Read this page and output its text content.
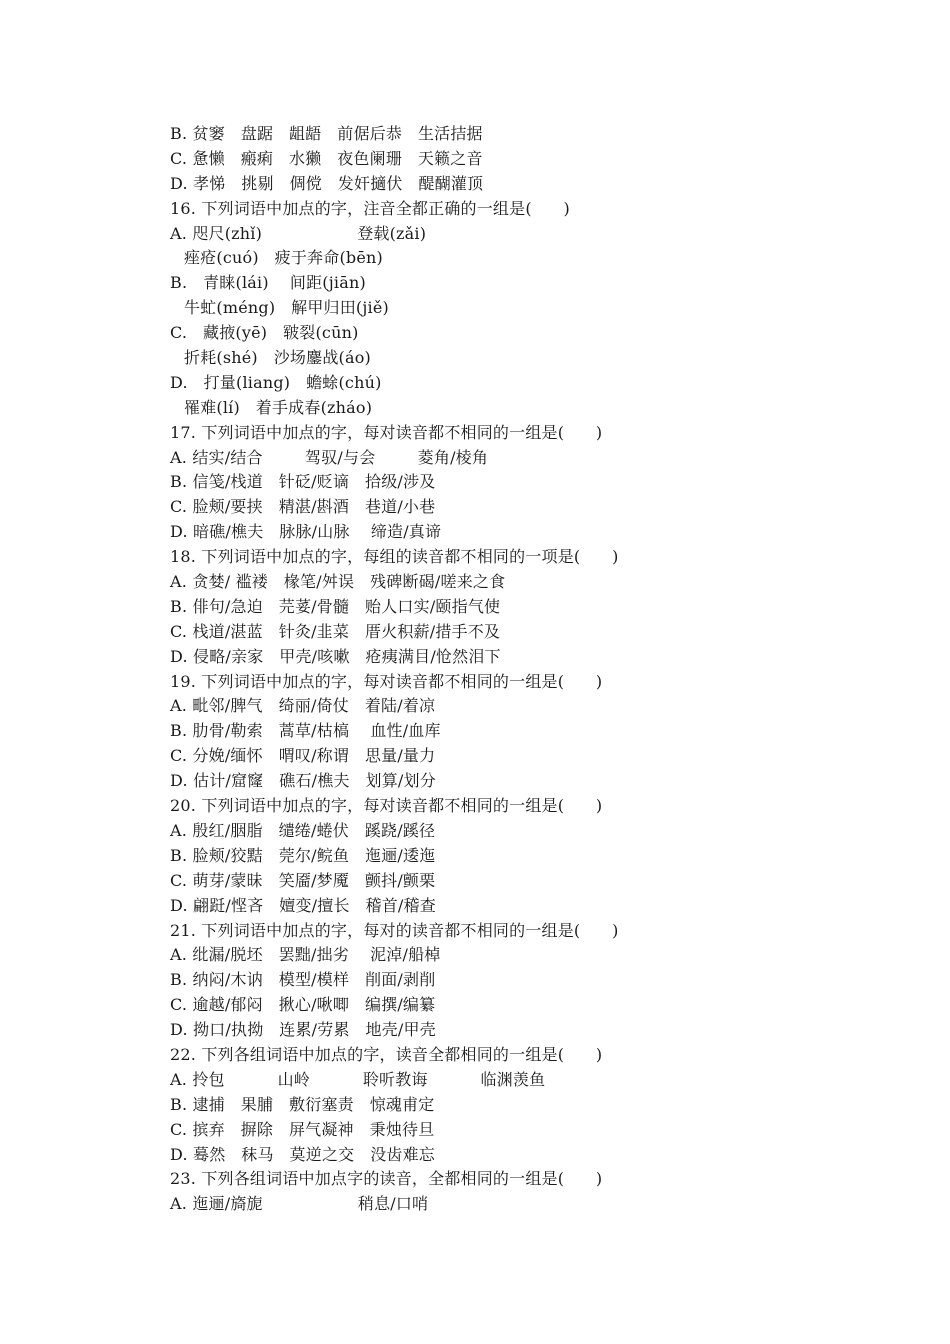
B. 贫窭   盘踞   龃龉   前倨后恭   生活拮据
C. 惫懒   瘢痢   水獭   夜色阑珊   天籁之音
D. 孝悌   挑剔   倜傥   发奸擿伏   醍醐灌顶
16. 下列词语中加点的字，注音全都正确的一组是(      )
A. 咫尺(zhǐ)                  登载(zǎi)
痤疮(cuó)   疲于奔命(bēn)
B.   青睐(lái)    间距(jiān)
牛虻(méng)   解甲归田(jiě)
C.   藏掖(yē)   皲裂(cūn)
折耗(shé)   沙场鏖战(áo)
D.   打量(liang)   蟾蜍(chú)
罹难(lí)   着手成春(zháo)
17. 下列词语中加点的字，每对读音都不相同的一组是(      )
A. 结实/结合        驾驭/与会        菱角/棱角
B. 信笺/栈道   针砭/贬谪   拾级/涉及
C. 脸颊/要挟   精湛/斟酒   巷道/小巷
D. 暗礁/樵夫   脉脉/山脉    缔造/真谛
18. 下列词语中加点的字，每组的读音都不相同的一项是(      )
A. 贪婪/ 褴褛   椽笔/舛误   残碑断碣/嗟来之食
B. 俳句/急迫   芫荽/骨髓   贻人口实/颐指气使
C. 栈道/湛蓝   针灸/韭菜   厝火积薪/措手不及
D. 侵略/亲家   甲壳/咳嗽   疮痍满目/怆然泪下
19. 下列词语中加点的字，每对读音都不相同的一组是(      )
A. 毗邻/脾气   绮丽/倚仗   着陆/着凉
B. 肋骨/勒索   蒿草/枯槁    血性/血库
C. 分娩/缅怀   喟叹/称谓   思量/量力
D. 估计/窟窿   礁石/樵夫   划算/划分
20. 下列词语中加点的字，每对读音都不相同的一组是(      )
A. 殷红/胭脂   缱绻/蜷伏   蹊跷/蹊径
B. 脸颊/狡黠   莞尔/鲩鱼   迤逦/逶迤
C. 萌芽/蒙昧   笑靥/梦魇   颤抖/颤栗
D. 翩跹/悭吝   嬗变/擅长   稽首/稽查
21. 下列词语中加点的字，每对的读音都不相同的一组是(      )
A. 纰漏/脱坯   罢黜/拙劣    泥淖/船棹
B. 纳闷/木讷   模型/模样   削面/剥削
C. 逾越/郁闷   揪心/啾唧   编撰/编纂
D. 拗口/执拗   连累/劳累   地壳/甲壳
22. 下列各组词语中加点的字，读音全都相同的一组是(      )
A. 拎包          山岭          聆听教诲          临渊羡鱼
B. 逮捕   果脯   敷衍塞责   惊魂甫定
C. 摈弃   摒除   屏气凝神   秉烛待旦
D. 蓦然   秣马   莫逆之交   没齿难忘
23. 下列各组词语中加点字的读音，全都相同的一组是(      )
A. 迤逦/旖旎                  稍息/口哨
